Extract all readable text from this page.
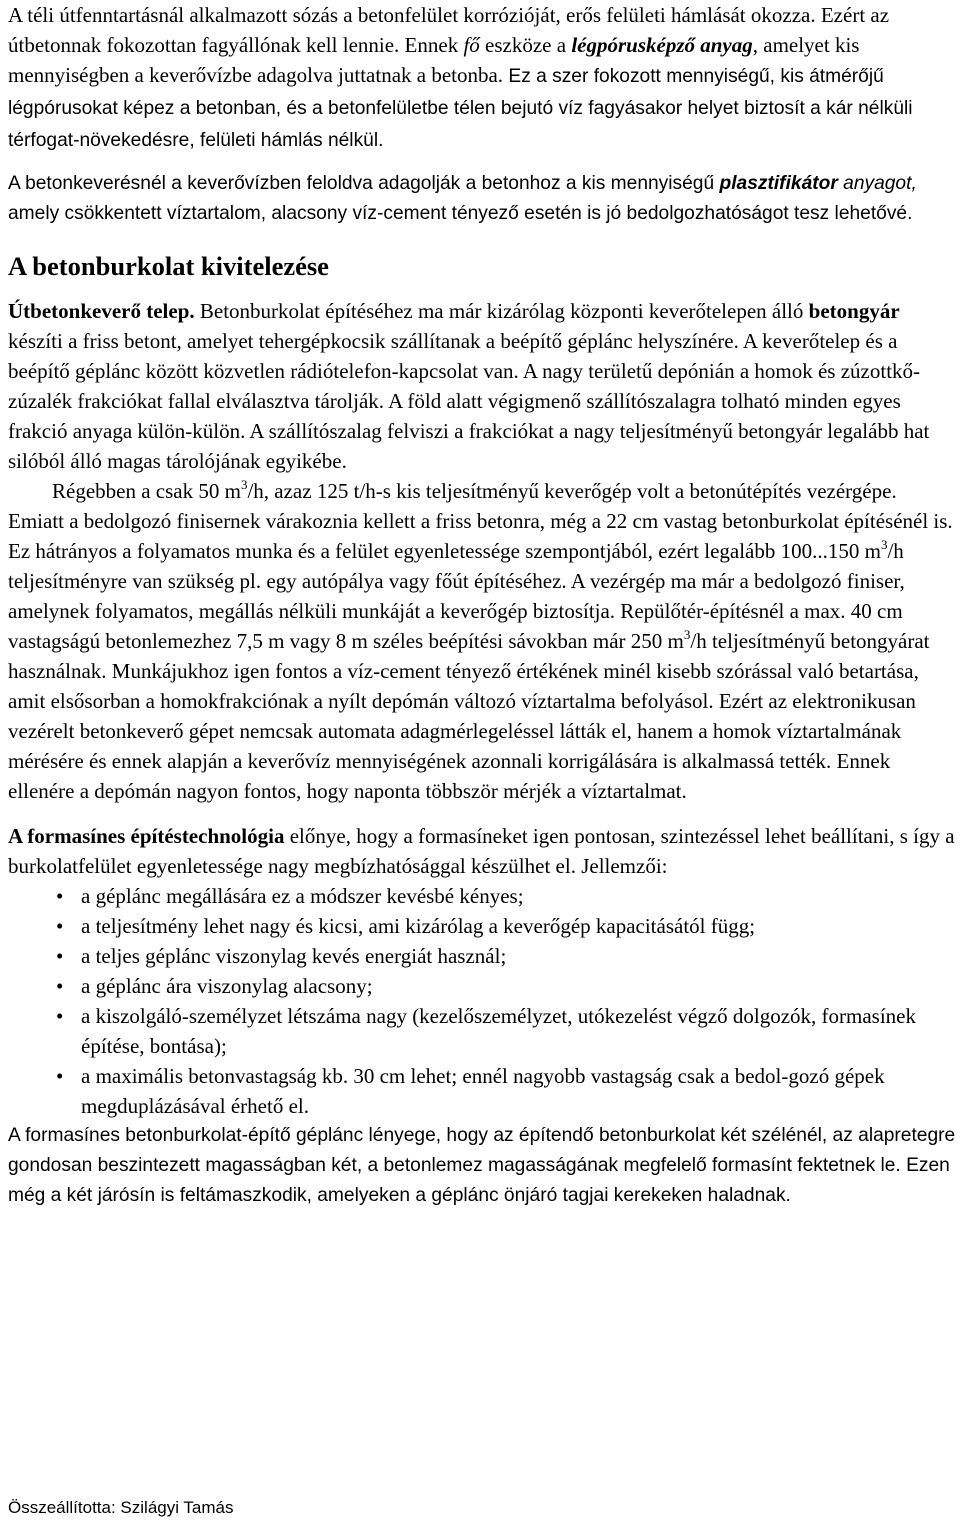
A téli útfenntartásnál alkalmazott sózás a betonfelület korrózióját, erős felületi hámlását okozza. Ezért az útbetonnak fokozottan fagyállónak kell lennie. Ennek fő eszköze a légpórusképző anyag, amelyet kis mennyiségben a keverővízbe adagolva juttatnak a betonba. Ez a szer fokozott mennyiségű, kis átmérőjű légpórusokat képez a betonban, és a betonfelületbe télen bejutó víz fagyásakor helyet biztosít a kár nélküli térfogat-növekedésre, felületi hámlás nélkül.

A betonkeverésnél a keverővízben feloldva adagolják a betonhoz a kis mennyiségű plasztifikátor anyagot, amely csökkentett víztartalom, alacsony víz-cement tényező esetén is jó bedolgozhatóságot tesz lehetővé.

A betonburkolat kivitelezése

Útbetonkeverő telep. Betonburkolat építéséhez ma már kizárólag központi keverőtelepen álló betongyár készíti a friss betont, amelyet tehergépkocsik szállítanak a beépítő géplánc helyszínére. A keverőtelep és a beépítő géplánc között közvetlen rádiótelefon-kapcsolat van. A nagy területű depónián a homok és zúzottkő-zúzalék frakciókat fallal elválasztva tárolják. A föld alatt végigmenő szállítószalagra tolható minden egyes frakció anyaga külön-külön. A szállítószalag felviszi a frakciókat a nagy teljesítményű betongyár legalább hat silóból álló magas tárolójának egyikébe.

Régebben a csak 50 $m^3/h$, azaz 125 t/h-s kis teljesítményű keverőgép volt a betonútépítés vezérgépe. Emiatt a bedolgozó finisernek várakoznia kellett a friss betonra, még a 22 cm vastag betonburkolat építésénél is. Ez hátrányos a folyamatos munka és a felület egyenletessége szempontjából, ezért legalább 100...150 $m^3/h$ teljesítményre van szükség pl. egy autópálya vagy főút építéséhez. A vezérgép ma már a bedolgozó finiser, amelynek folyamatos, megállás nélküli munkáját a keverőgép biztosítja. Repülőtér-építésnél a max. 40 cm vastagságú betonlemezhez 7,5 m vagy 8 m széles beépítési sávokban már 250 $m^3/h$ teljesítményű betongyárat használnak. Munkájukhoz igen fontos a víz-cement tényező értékének minél kisebb szórással való betartása, amit elsősorban a homokfrakciónak a nyílt depómán változó víztartalma befolyásol. Ezért az elektronikusan vezérelt betonkeverő gépet nemcsak automata adagmérlegeléssel látták el, hanem a homok víztartalmának mérésére és ennek alapján a keverővíz mennyiségének azonnali korrigálására is alkalmassá tették. Ennek ellenére a depómán nagyon fontos, hogy naponta többször mérjék a víztartalmat.

A formasínes építéstechnológia előnye, hogy a formasíneket igen pontosan, szintezéssel lehet beállítani, s így a burkolatfelület egyenletessége nagy megbízhatósággal készülhet el. Jellemzői:

• a géplánc megállására ez a módszer kevésbé kényes;
• a teljesítmény lehet nagy és kicsi, ami kizárólag a keverőgép kapacitásától függ;
• a teljes géplánc viszonylag kevés energiát használ;
• a géplánc ára viszonylag alacsony;
• a kiszolgáló-személyzet létszáma nagy (kezelőszemélyzet, utókezelést végző dolgozók, formasínek építése, bontása);
• a maximális betonvastagság kb. 30 cm lehet; ennél nagyobb vastagság csak a bedol-gozó gépek megduplázásával érhető el.

A formasínes betonburkolat-építő géplánc lényege, hogy az építendő betonburkolat két szélénél, az alapretegre gondosan beszintezett magasságban két, a betonlemez magasságának megfelelő formasínt fektetnek le. Ezen még a két járósín is feltámaszkodik, amelyeken a géplánc önjáró tagjai kerekeken haladnak.

Összeállította: Szilágyi Tamás
